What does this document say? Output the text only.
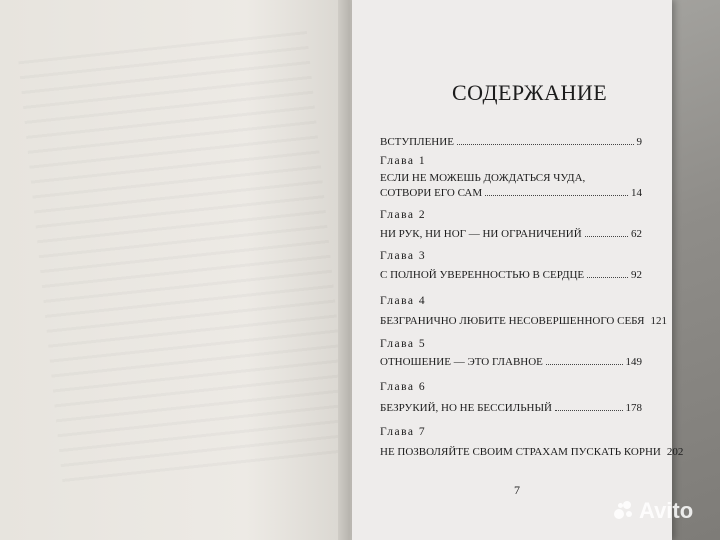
СОДЕРЖАНИЕ
ВСТУПЛЕНИЕ	9
Глава 1
ЕСЛИ НЕ МОЖЕШЬ ДОЖДАТЬСЯ ЧУДА,
СОТВОРИ ЕГО САМ	14
Глава 2
НИ РУК, НИ НОГ — НИ ОГРАНИЧЕНИЙ	62
Глава 3
С ПОЛНОЙ УВЕРЕННОСТЬЮ В СЕРДЦЕ	92
Глава 4
БЕЗГРАНИЧНО ЛЮБИТЕ НЕСОВЕРШЕННОГО СЕБЯ 121
Глава 5
ОТНОШЕНИЕ — ЭТО ГЛАВНОЕ	149
Глава 6
БЕЗРУКИЙ, НО НЕ БЕССИЛЬНЫЙ	178
Глава 7
НЕ ПОЗВОЛЯЙТЕ СВОИМ СТРАХАМ ПУСКАТЬ КОРНИ 202
7
Avito
